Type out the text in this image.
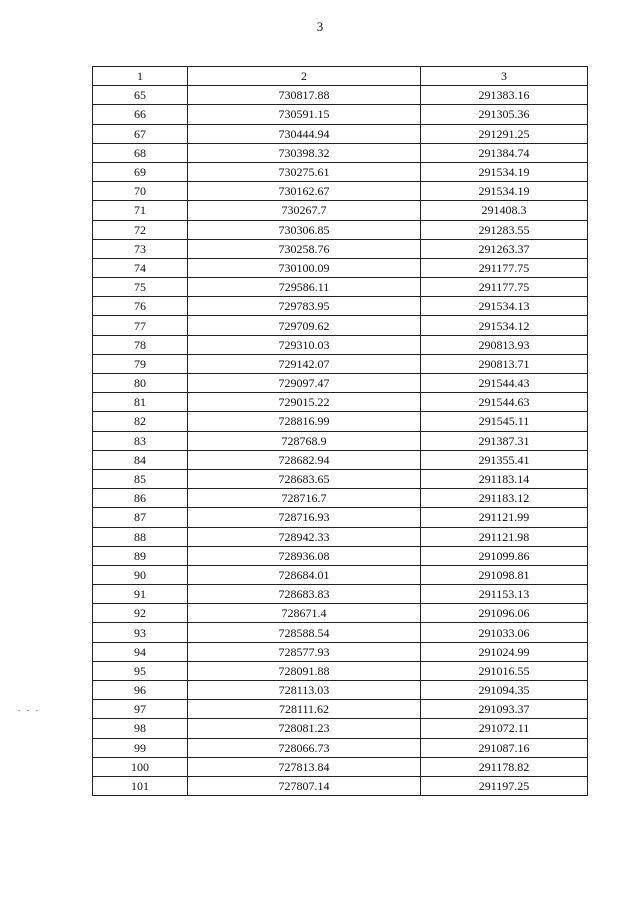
3
- - -
1	2	3
65	730817.88	291383.16
66	730591.15	291305.36
67	730444.94	291291.25
68	730398.32	291384.74
69	730275.61	291534.19
70	730162.67	291534.19
71	730267.7	291408.3
72	730306.85	291283.55
73	730258.76	291263.37
74	730100.09	291177.75
75	729586.11	291177.75
76	729783.95	291534.13
77	729709.62	291534.12
78	729310.03	290813.93
79	729142.07	290813.71
80	729097.47	291544.43
81	729015.22	291544.63
82	728816.99	291545.11
83	728768.9	291387.31
84	728682.94	291355.41
85	728683.65	291183.14
86	728716.7	291183.12
87	728716.93	291121.99
88	728942.33	291121.98
89	728936.08	291099.86
90	728684.01	291098.81
91	728683.83	291153.13
92	728671.4	291096.06
93	728588.54	291033.06
94	728577.93	291024.99
95	728091.88	291016.55
96	728113.03	291094.35
97	728111.62	291093.37
98	728081.23	291072.11
99	728066.73	291087.16
100	727813.84	291178.82
101	727807.14	291197.25
